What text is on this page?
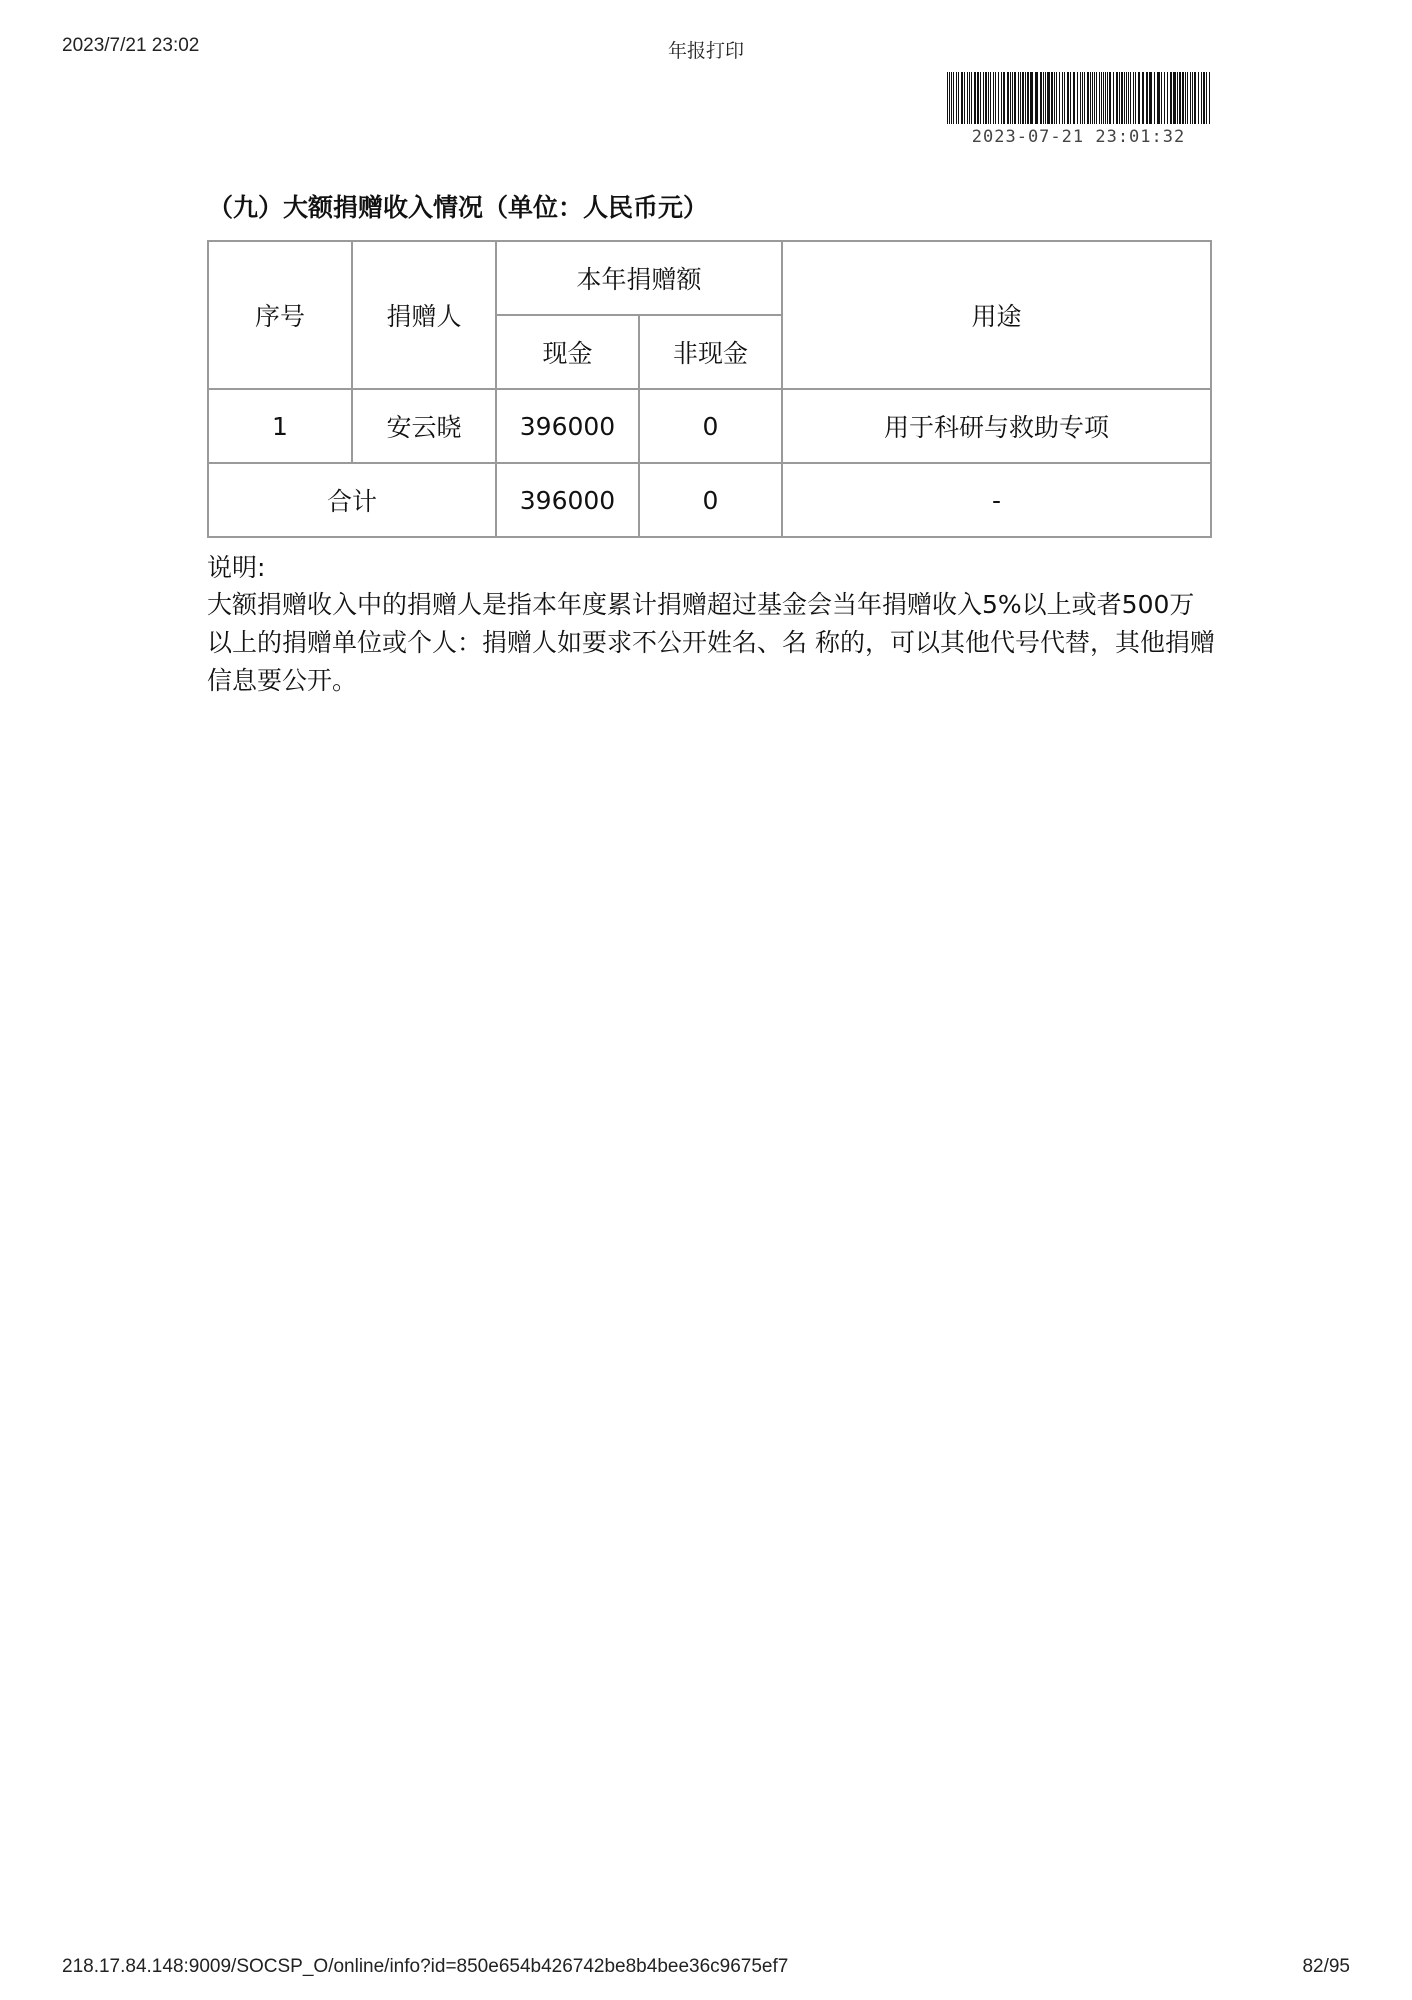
2023/7/21 23:02	年报打印
2023-07-21 23:01:32
（九）大额捐赠收入情况（单位：人民币元）
序号	捐赠人	本年捐赠额		用途
		现金	非现金	
1	安云晓	396000	0	用于科研与救助专项
合计		396000	0	-
说明:
大额捐赠收入中的捐赠人是指本年度累计捐赠超过基金会当年捐赠收入5%以上或者500万以上的捐赠单位或个人：捐赠人如要求不公开姓名、名 称的，可以其他代号代替，其他捐赠信息要公开。
218.17.84.148:9009/SOCSP_O/online/info?id=850e654b426742be8b4bee36c9675ef7	82/95
